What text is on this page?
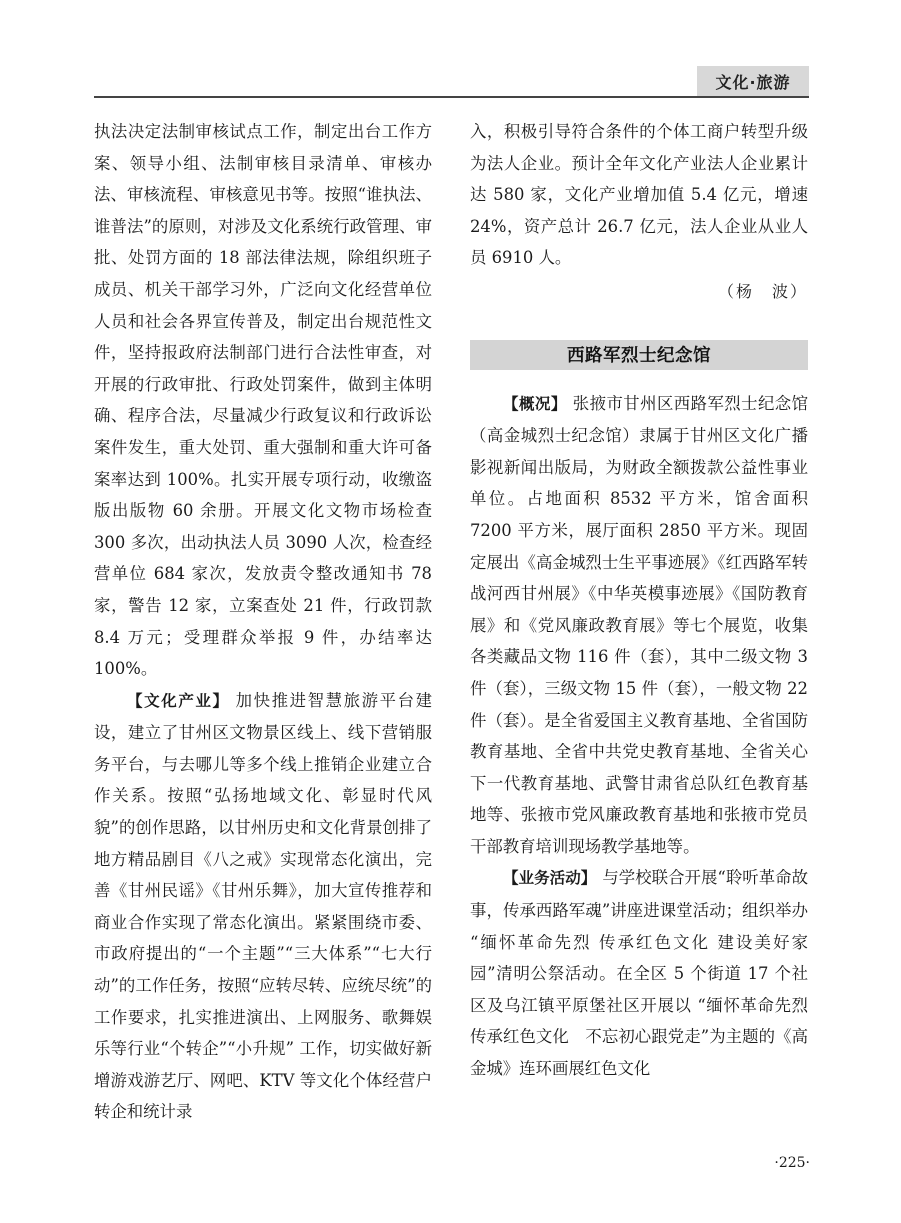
文化·旅游

执法决定法制审核试点工作，制定出台工作方案、领导小组、法制审核目录清单、审核办法、审核流程、审核意见书等。按照“谁执法、谁普法”的原则，对涉及文化系统行政管理、审批、处罚方面的 18 部法律法规，除组织班子成员、机关干部学习外，广泛向文化经营单位人员和社会各界宣传普及，制定出台规范性文件，坚持报政府法制部门进行合法性审查，对开展的行政审批、行政处罚案件，做到主体明确、程序合法，尽量减少行政复议和行政诉讼案件发生，重大处罚、重大强制和重大许可备案率达到 100%。扎实开展专项行动，收缴盗版出版物 60 余册。开展文化文物市场检查 300 多次，出动执法人员 3090 人次，检查经营单位 684 家次，发放责令整改通知书 78 家，警告 12 家，立案查处 21 件，行政罚款 8.4 万元；受理群众举报 9 件，办结率达 100%。

【文化产业】 加快推进智慧旅游平台建设，建立了甘州区文物景区线上、线下营销服务平台，与去哪儿等多个线上推销企业建立合作关系。按照“弘扬地域文化、彰显时代风貌”的创作思路，以甘州历史和文化背景创排了地方精品剧目《八之戒》实现常态化演出，完善《甘州民谣》《甘州乐舞》，加大宣传推荐和商业合作实现了常态化演出。紧紧围绕市委、市政府提出的“一个主题”“三大体系”“七大行动”的工作任务，按照“应转尽转、应统尽统”的工作要求，扎实推进演出、上网服务、歌舞娱乐等行业“个转企”“小升规” 工作，切实做好新增游戏游艺厅、网吧、KTV 等文化个体经营户转企和统计录

入，积极引导符合条件的个体工商户转型升级为法人企业。预计全年文化产业法人企业累计达 580 家，文化产业增加值 5.4 亿元，增速 24%，资产总计 26.7 亿元，法人企业从业人员 6910 人。

（杨　波）

西路军烈士纪念馆

【概况】 张掖市甘州区西路军烈士纪念馆（高金城烈士纪念馆）隶属于甘州区文化广播影视新闻出版局，为财政全额拨款公益性事业单位。占地面积 8532 平方米，馆舍面积 7200 平方米，展厅面积 2850 平方米。现固定展出《高金城烈士生平事迹展》《红西路军转战河西甘州展》《中华英模事迹展》《国防教育展》和《党风廉政教育展》等七个展览，收集各类藏品文物 116 件（套），其中二级文物 3 件（套），三级文物 15 件（套），一般文物 22 件（套）。是全省爱国主义教育基地、全省国防教育基地、全省中共党史教育基地、全省关心下一代教育基地、武警甘肃省总队红色教育基地等、张掖市党风廉政教育基地和张掖市党员干部教育培训现场教学基地等。

【业务活动】 与学校联合开展“聆听革命故事，传承西路军魂”讲座进课堂活动；组织举办 “缅怀革命先烈 传承红色文化 建设美好家园”清明公祭活动。在全区 5 个街道 17 个社区及乌江镇平原堡社区开展以 “缅怀革命先烈　传承红色文化　不忘初心跟党走”为主题的《高金城》连环画展红色文化

·225·
